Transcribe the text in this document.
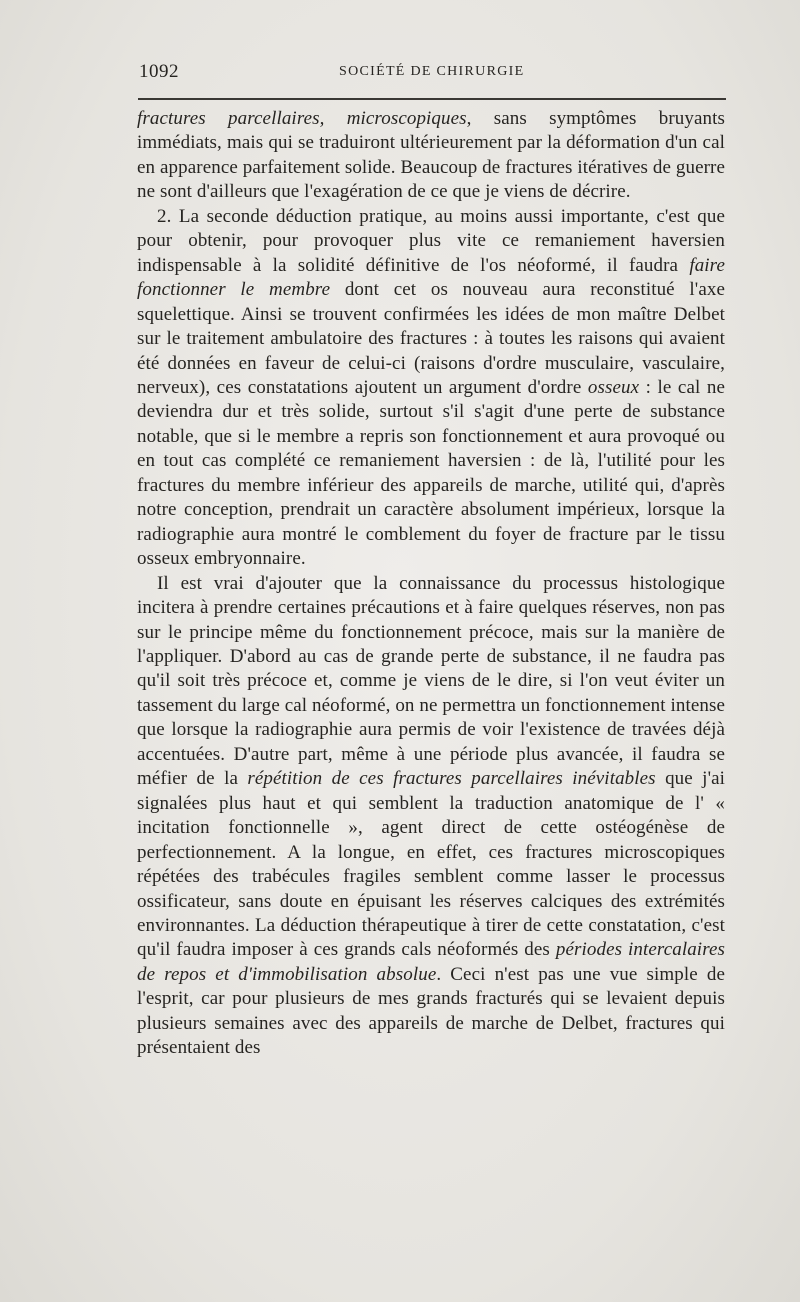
1092	SOCIÉTÉ DE CHIRURGIE

fractures parcellaires, microscopiques, sans symptômes bruyants immédiats, mais qui se traduiront ultérieurement par la déformation d'un cal en apparence parfaitement solide. Beaucoup de fractures itératives de guerre ne sont d'ailleurs que l'exagération de ce que je viens de décrire.

2. La seconde déduction pratique, au moins aussi importante, c'est que pour obtenir, pour provoquer plus vite ce remaniement haversien indispensable à la solidité définitive de l'os néoformé, il faudra faire fonctionner le membre dont cet os nouveau aura reconstitué l'axe squelettique. Ainsi se trouvent confirmées les idées de mon maître Delbet sur le traitement ambulatoire des fractures : à toutes les raisons qui avaient été données en faveur de celui-ci (raisons d'ordre musculaire, vasculaire, nerveux), ces constatations ajoutent un argument d'ordre osseux : le cal ne deviendra dur et très solide, surtout s'il s'agit d'une perte de substance notable, que si le membre a repris son fonctionnement et aura provoqué ou en tout cas complété ce remaniement haversien : de là, l'utilité pour les fractures du membre inférieur des appareils de marche, utilité qui, d'après notre conception, prendrait un caractère absolument impérieux, lorsque la radiographie aura montré le comblement du foyer de fracture par le tissu osseux embryonnaire.

Il est vrai d'ajouter que la connaissance du processus histologique incitera à prendre certaines précautions et à faire quelques réserves, non pas sur le principe même du fonctionnement précoce, mais sur la manière de l'appliquer. D'abord au cas de grande perte de substance, il ne faudra pas qu'il soit très précoce et, comme je viens de le dire, si l'on veut éviter un tassement du large cal néoformé, on ne permettra un fonctionnement intense que lorsque la radiographie aura permis de voir l'existence de travées déjà accentuées. D'autre part, même à une période plus avancée, il faudra se méfier de la répétition de ces fractures parcellaires inévitables que j'ai signalées plus haut et qui semblent la traduction anatomique de l' « incitation fonctionnelle », agent direct de cette ostéogénèse de perfectionnement. A la longue, en effet, ces fractures microscopiques répétées des trabécules fragiles semblent comme lasser le processus ossificateur, sans doute en épuisant les réserves calciques des extrémités environnantes. La déduction thérapeutique à tirer de cette constatation, c'est qu'il faudra imposer à ces grands cals néoformés des périodes intercalaires de repos et d'immobilisation absolue. Ceci n'est pas une vue simple de l'esprit, car pour plusieurs de mes grands fracturés qui se levaient depuis plusieurs semaines avec des appareils de marche de Delbet, fractures qui présentaient des
